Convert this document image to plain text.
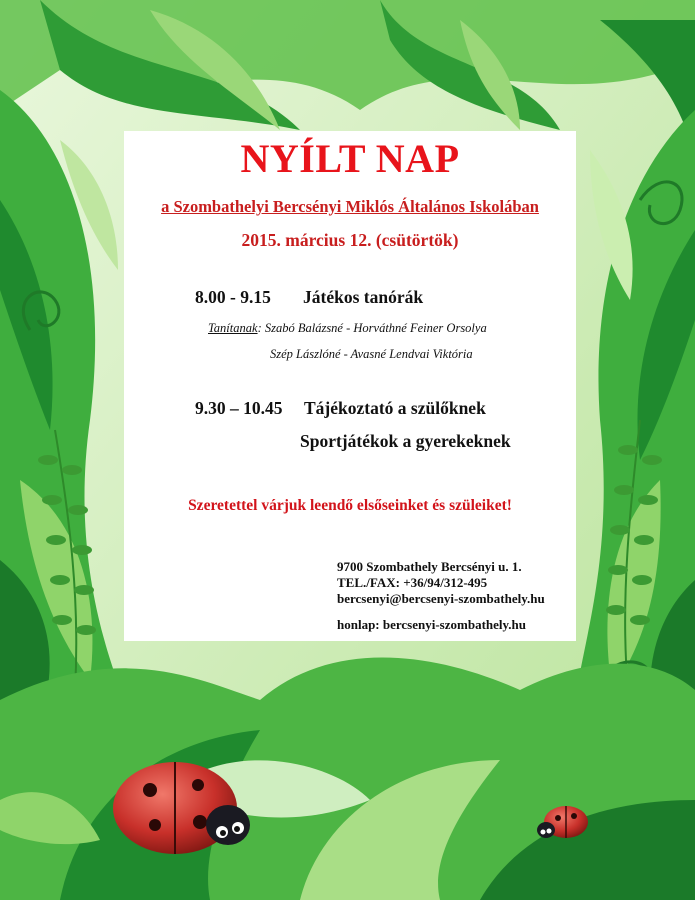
NYÍLT NAP
a Szombathelyi Bercsényi Miklós Általános Iskolában
2015. március 12. (csütörtök)
8.00 - 9.15 Játékos tanórák
Tanítanak: Szabó Balázsné - Horváthné Feiner Orsolya
Szép Lászlóné - Avasné Lendvai Viktória
9.30 – 10.45 Tájékoztató a szülőknek
Sportjátékok a gyerekeknek
Szeretettel várjuk leendő elsőseinket és szüleiket!
9700 Szombathely Bercsényi u. 1.
TEL./FAX: +36/94/312-495
bercsenyi@bercsenyi-szombathely.hu
honlap: bercsenyi-szombathely.hu
